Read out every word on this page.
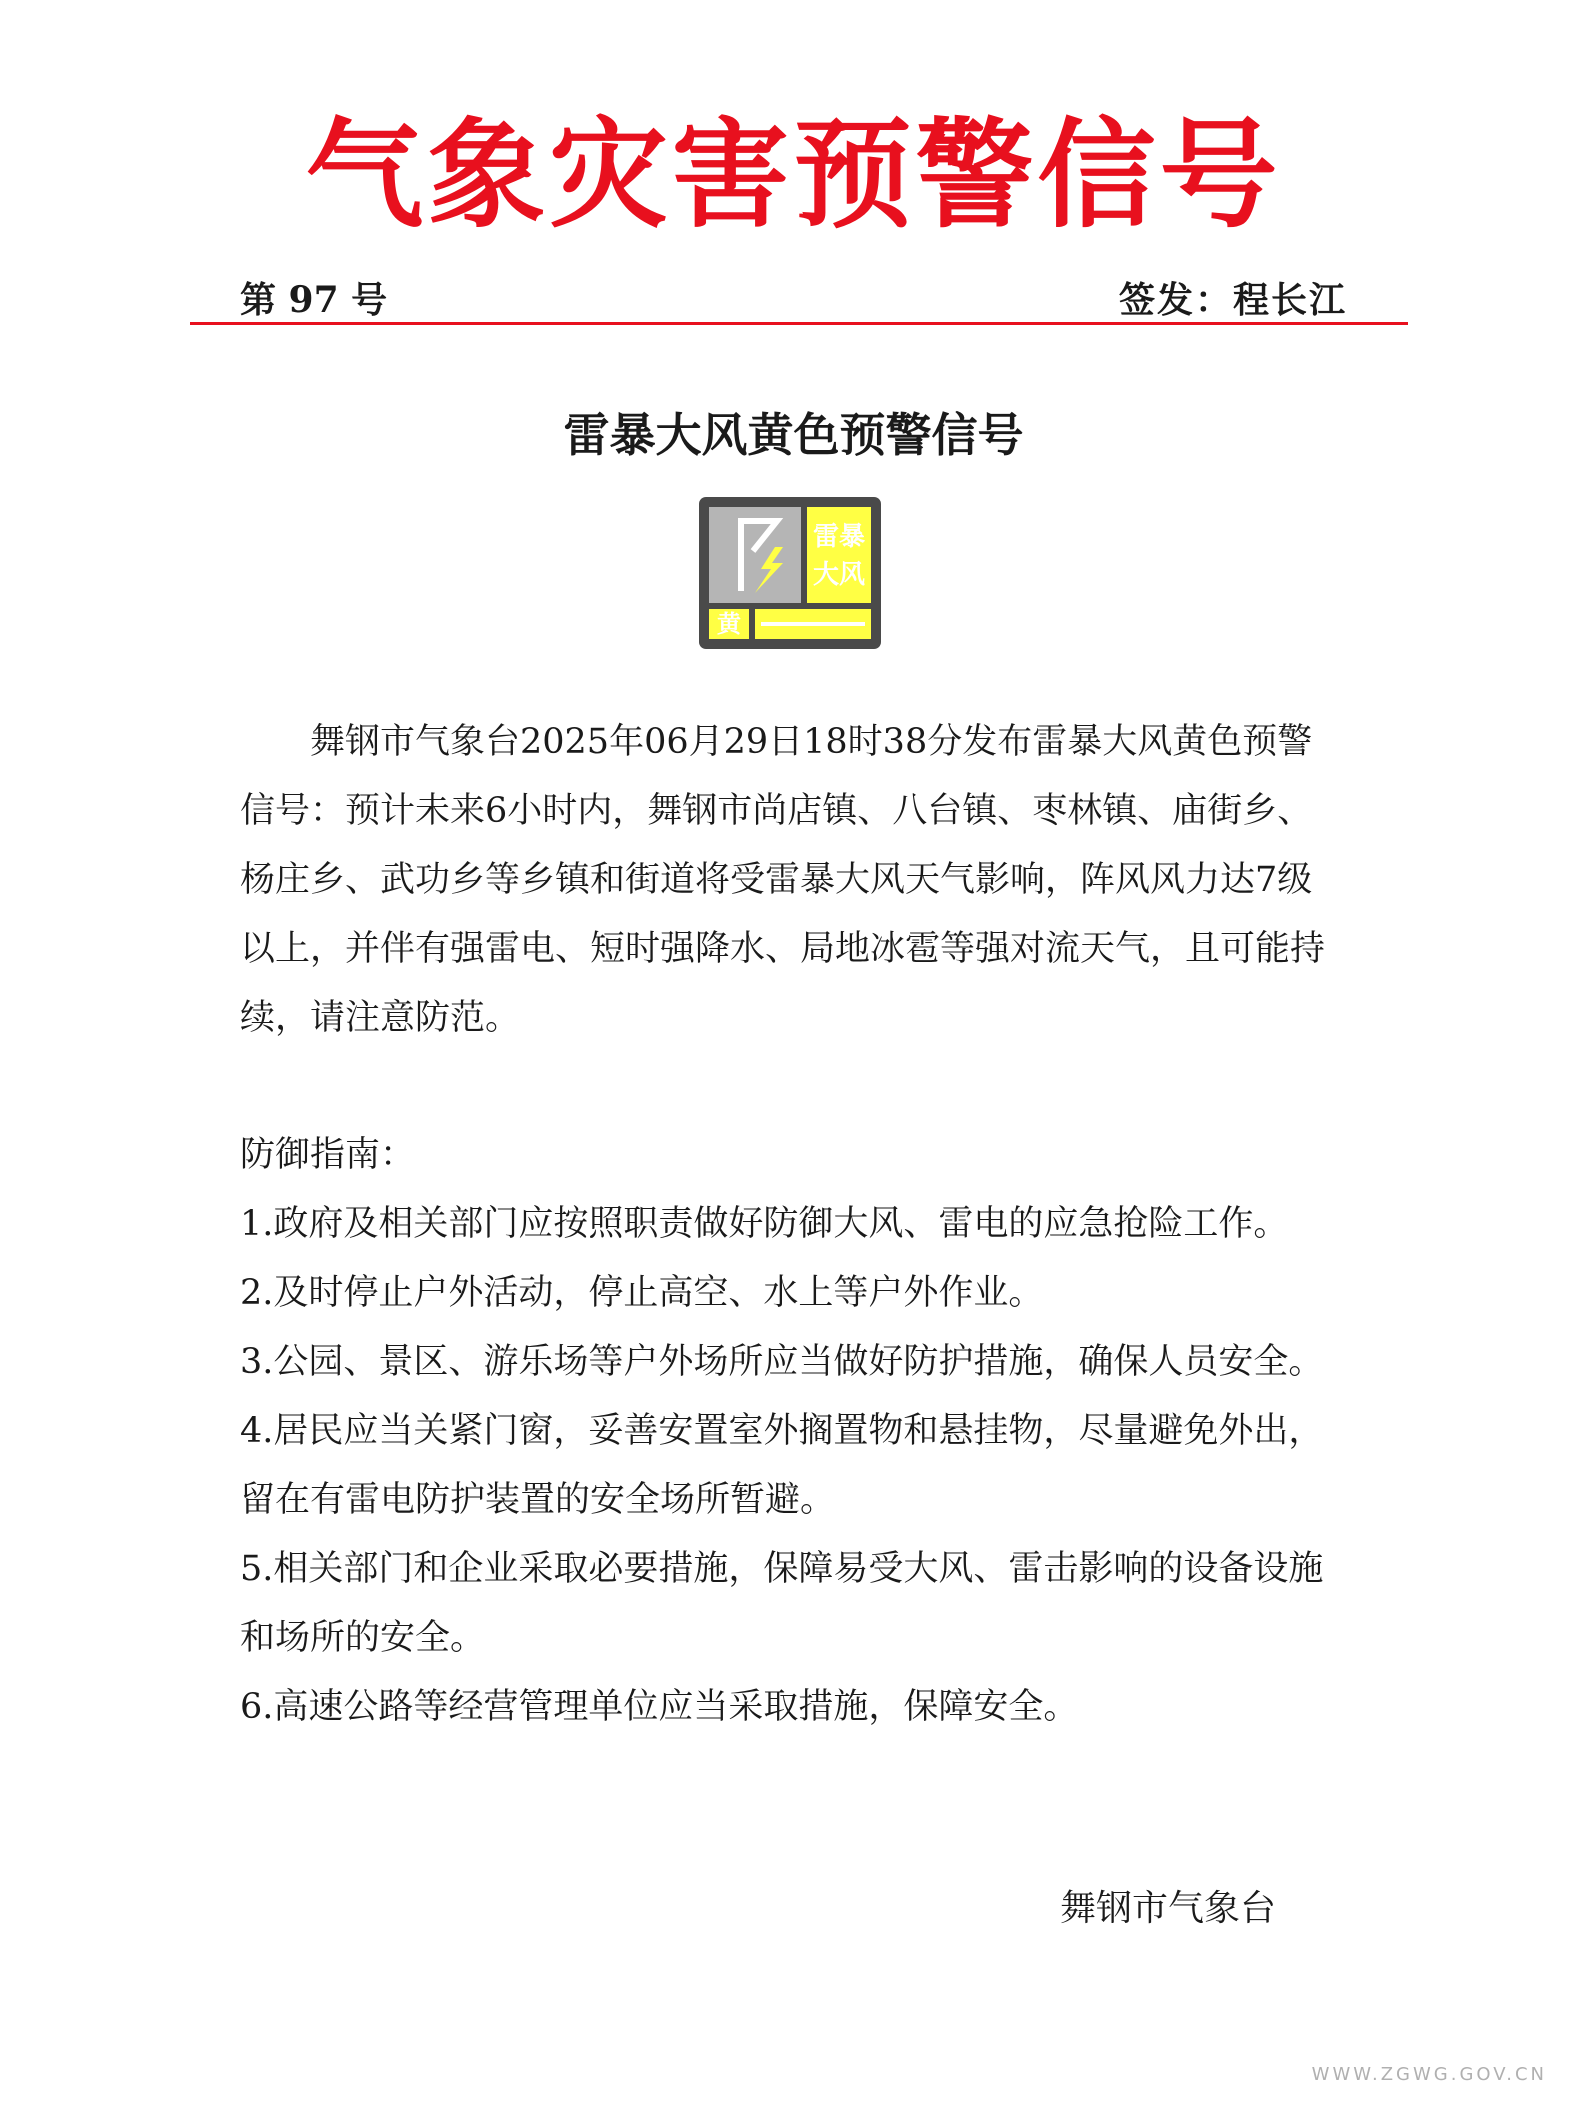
气象灾害预警信号
第 97 号	签发：程长江
雷暴大风黄色预警信号
雷暴
大风
黄
舞钢市气象台2025年06月29日18时38分发布雷暴大风黄色预警信号：预计未来6小时内，舞钢市尚店镇、八台镇、枣林镇、庙街乡、杨庄乡、武功乡等乡镇和街道将受雷暴大风天气影响，阵风风力达7级以上，并伴有强雷电、短时强降水、局地冰雹等强对流天气，且可能持续，请注意防范。
防御指南：
1.政府及相关部门应按照职责做好防御大风、雷电的应急抢险工作。
2.及时停止户外活动，停止高空、水上等户外作业。
3.公园、景区、游乐场等户外场所应当做好防护措施，确保人员安全。
4.居民应当关紧门窗，妥善安置室外搁置物和悬挂物，尽量避免外出，留在有雷电防护装置的安全场所暂避。
5.相关部门和企业采取必要措施，保障易受大风、雷击影响的设备设施和场所的安全。
6.高速公路等经营管理单位应当采取措施，保障安全。
舞钢市气象台
WWW.ZGWG.GOV.CN
